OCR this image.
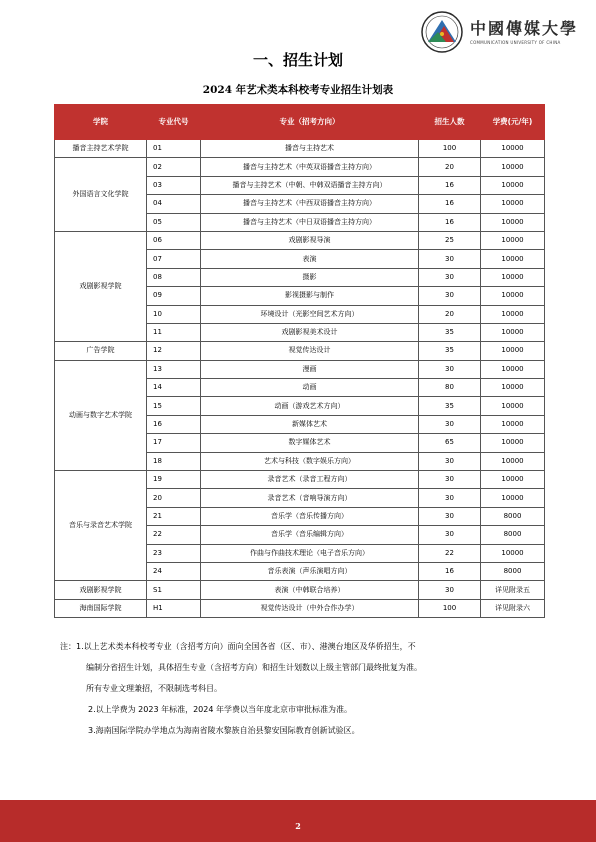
中國傳媒大學
COMMUNICATION UNIVERSITY OF CHINA
一、招生计划
2024 年艺术类本科校考专业招生计划表
学院	专业代号	专业（招考方向）	招生人数	学费(元/年)
播音主持艺术学院	01	播音与主持艺术	100	10000
外国语言文化学院	02	播音与主持艺术（中英双语播音主持方向）	20	10000
	03	播音与主持艺术（中朝、中韩双语播音主持方向）	16	10000
	04	播音与主持艺术（中西双语播音主持方向）	16	10000
	05	播音与主持艺术（中日双语播音主持方向）	16	10000
戏剧影视学院	06	戏剧影视导演	25	10000
	07	表演	30	10000
	08	摄影	30	10000
	09	影视摄影与制作	30	10000
	10	环境设计（光影空间艺术方向）	20	10000
	11	戏剧影视美术设计	35	10000
广告学院	12	视觉传达设计	35	10000
动画与数字艺术学院	13	漫画	30	10000
	14	动画	80	10000
	15	动画（游戏艺术方向）	35	10000
	16	新媒体艺术	30	10000
	17	数字媒体艺术	65	10000
	18	艺术与科技（数字娱乐方向）	30	10000
音乐与录音艺术学院	19	录音艺术（录音工程方向）	30	10000
	20	录音艺术（音响导演方向）	30	10000
	21	音乐学（音乐传播方向）	30	8000
	22	音乐学（音乐编辑方向）	30	8000
	23	作曲与作曲技术理论（电子音乐方向）	22	10000
	24	音乐表演（声乐演唱方向）	16	8000
戏剧影视学院	S1	表演（中韩联合培养）	30	详见附录五
海南国际学院	H1	视觉传达设计（中外合作办学）	100	详见附录六
注：1.以上艺术类本科校考专业（含招考方向）面向全国各省（区、市）、港澳台地区及华侨招生，不
编制分省招生计划，具体招生专业（含招考方向）和招生计划数以上级主管部门最终批复为准。
所有专业文理兼招，不限制选考科目。
2.以上学费为 2023 年标准，2024 年学费以当年度北京市审批标准为准。
3.海南国际学院办学地点为海南省陵水黎族自治县黎安国际教育创新试验区。
2
